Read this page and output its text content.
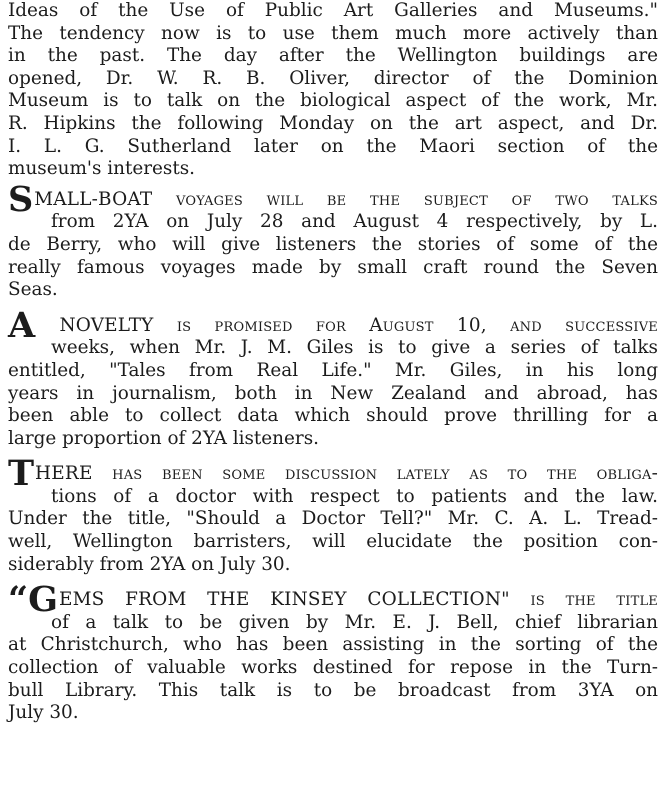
Ideas of the Use of Public Art Galleries and Museums."
The tendency now is to use them much more actively than
in the past. The day after the Wellington buildings are
opened, Dr. W. R. B. Oliver, director of the Dominion
Museum is to talk on the biological aspect of the work, Mr.
R. Hipkins the following Monday on the art aspect, and Dr.
I. L. G. Sutherland later on the Maori section of the
museum's interests.
SMALL-BOAT voyages will be the subject of two talks
from 2YA on July 28 and August 4 respectively, by L.
de Berry, who will give listeners the stories of some of the
really famous voyages made by small craft round the Seven
Seas.
A NOVELTY is promised for August 10, and successive
weeks, when Mr. J. M. Giles is to give a series of talks
entitled, "Tales from Real Life." Mr. Giles, in his long
years in journalism, both in New Zealand and abroad, has
been able to collect data which should prove thrilling for a
large proportion of 2YA listeners.
THERE has been some discussion lately as to the obliga-
tions of a doctor with respect to patients and the law.
Under the title, "Should a Doctor Tell?" Mr. C. A. L. Tread-
well, Wellington barristers, will elucidate the position con-
siderably from 2YA on July 30.
“GEMS FROM THE KINSEY COLLECTION" is the title
of a talk to be given by Mr. E. J. Bell, chief librarian
at Christchurch, who has been assisting in the sorting of the
collection of valuable works destined for repose in the Turn-
bull Library. This talk is to be broadcast from 3YA on
July 30.
